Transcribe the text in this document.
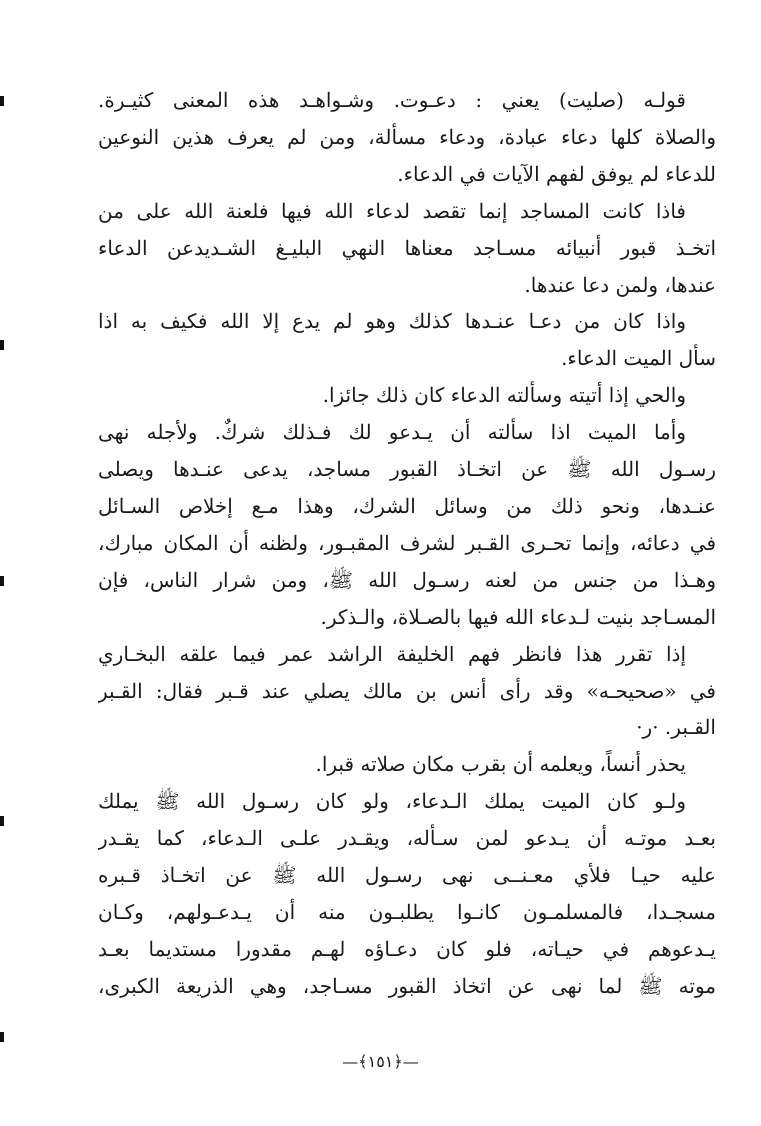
قولـه (صليت) يعني : دعـوت. وشـواهـد هذه المعنى كثيـرة.
والصلاة كلها دعاء عبادة، ودعاء مسألة، ومن لم يعرف هذين النوعين
للدعاء لم يوفق لفهم الآيات في الدعاء.
فاذا كانت المساجد إنما تقصد لدعاء الله فيها فلعنة الله على من
اتخـذ قبور أنبيائه مسـاجد معناها النهي البليـغ الشـديدعن الدعاء
عندها، ولمن دعا عندها.
واذا كان من دعـا عنـدها كذلك وهو لم يدع إلا الله فكيف به اذا
سأل الميت الدعاء.
والحي إذا أتيته وسألته الدعاء كان ذلك جائزا.
وأما الميت اذا سألته أن يـدعو لك فـذلك شركٌ. ولأجله نهى
رسـول الله ﷺ عن اتخـاذ القبور مساجد، يدعى عنـدها ويصلى
عنـدها، ونحو ذلك من وسائل الشرك، وهذا مـع إخلاص السـائل
في دعائه، وإنما تحـرى القـبر لشرف المقبـور، ولظنه أن المكان مبارك،
وهـذا من جنس من لعنه رسـول الله ﷺ، ومن شرار الناس، فإن
المسـاجد بنيت لـدعاء الله فيها بالصـلاة، والـذكر.
إذا تقرر هذا فانظر فهم الخليفة الراشد عمر فيما علقه البخـاري
في «صحيحـه» وقد رأى أنس بن مالك يصلي عند قـبر فقال: القـبر
القـبر. ·ر·
يحذر أنساً، ويعلمه أن بقرب مكان صلاته قبرا.
ولـو كان الميت يملك الـدعاء، ولو كان رسـول الله ﷺ يملك
بعـد موتـه أن يـدعو لمن سـأله، ويقـدر علـى الـدعاء، كما يقـدر
عليه حيـا فلأي معـنــى نهى رسـول الله ﷺ عن اتخـاذ قـبره
مسجـدا، فالمسلمـون كانـوا يطلبـون منه أن يـدعـولهم، وكـان
يـدعوهم في حيـاته، فلو كان دعـاؤه لهـم مقدورا مستديما بعـد
موته ﷺ لما نهى عن اتخاذ القبور مسـاجد، وهي الذريعة الكبرى،
—﴿١٥١﴾—
